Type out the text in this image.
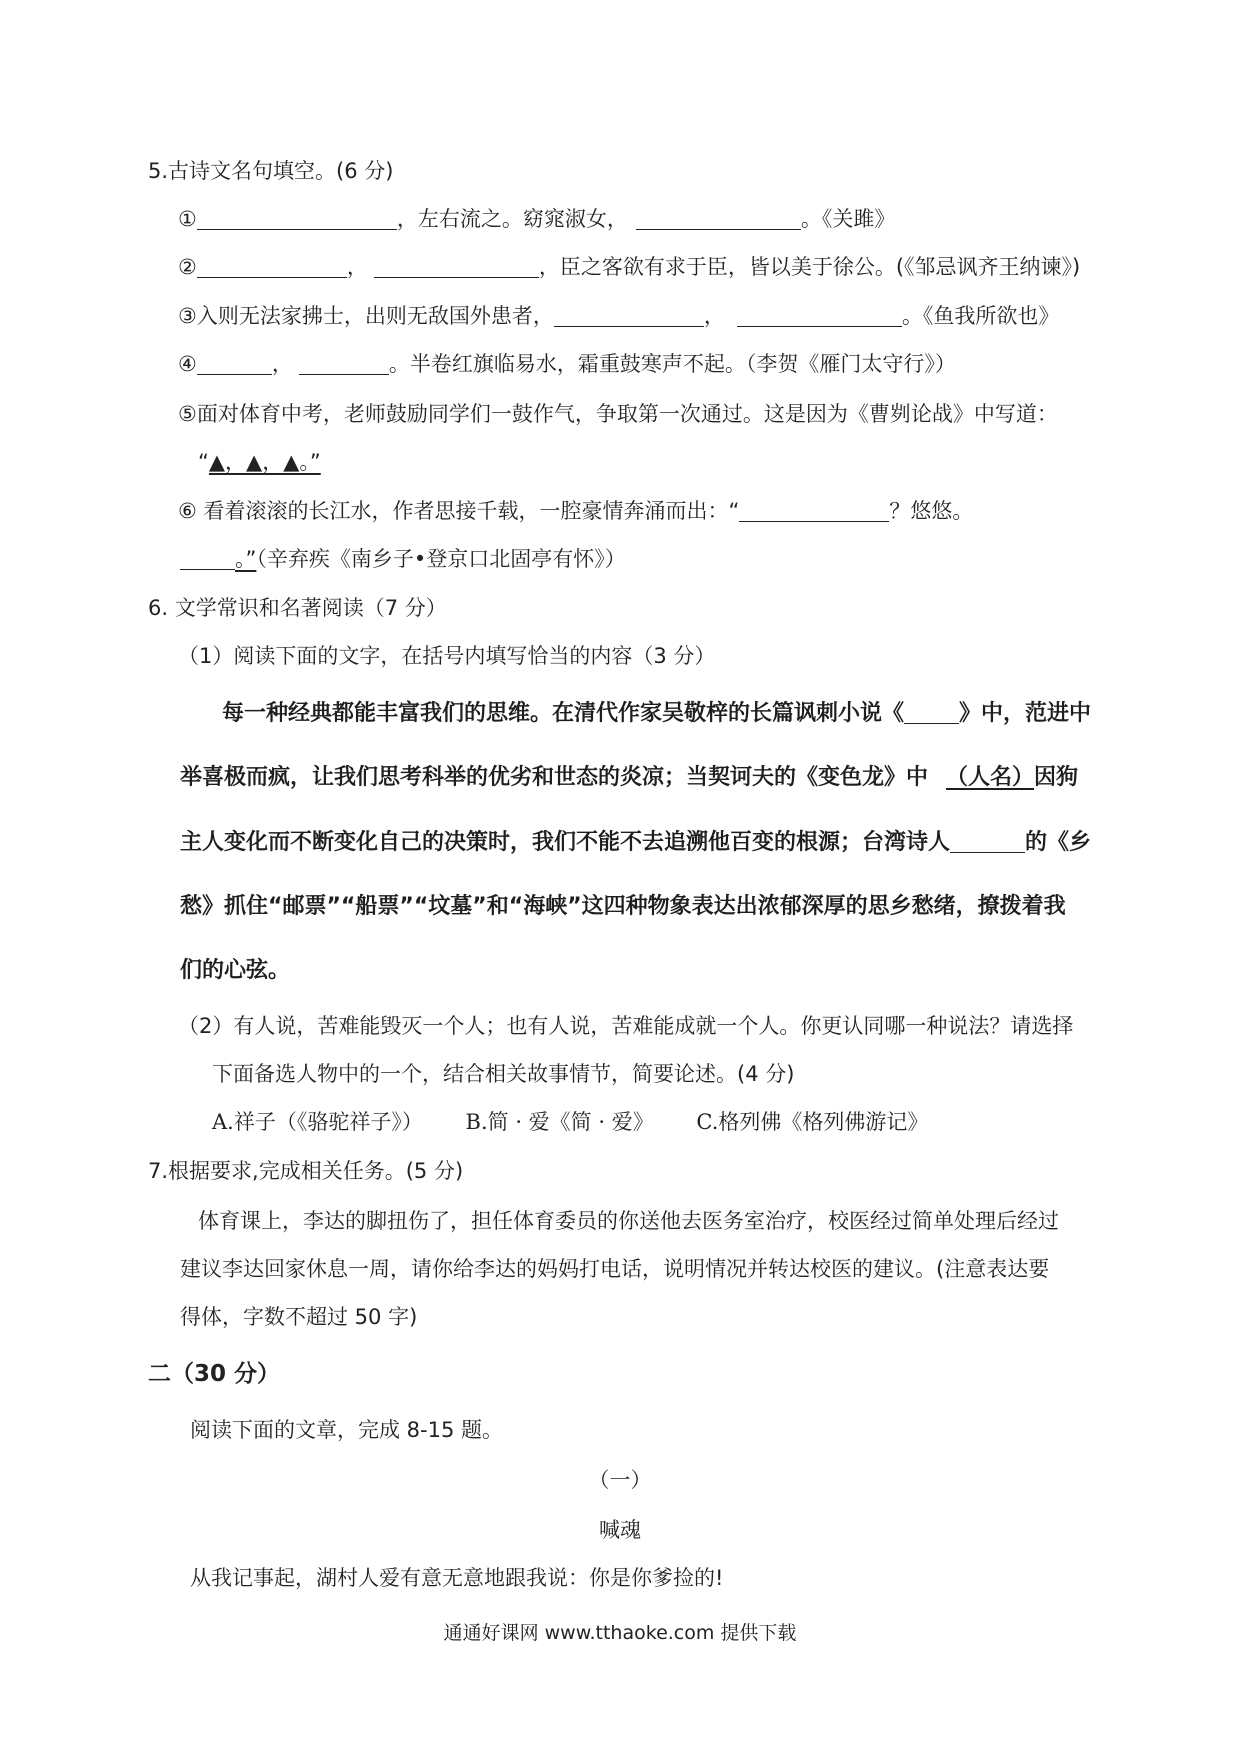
5.古诗文名句填空。(6 分)
①	，左右流之。窈窕淑女，	。《关雎》
②	，	，臣之客欲有求于臣，皆以美于徐公。(《邹忌讽齐王纳谏》)
③入则无法家拂士，出则无敌国外患者，	，	。《鱼我所欲也》
④	，	。半卷红旗临易水，霜重鼓寒声不起。（李贺《雁门太守行》）
⑤面对体育中考，老师鼓励同学们一鼓作气，争取第一次通过。这是因为《曹刿论战》中写道：
“▲，▲，▲。”
⑥ 看着滚滚的长江水，作者思接千载，一腔豪情奔涌而出：“	？悠悠。
。”（辛弃疾《南乡子•登京口北固亭有怀》）
6. 文学常识和名著阅读（7 分）
（1）阅读下面的文字，在括号内填写恰当的内容（3 分）
每一种经典都能丰富我们的思维。在清代作家吴敬梓的长篇讽刺小说《	》中，范进中
举喜极而疯，让我们思考科举的优劣和世态的炎凉；当契诃夫的《变色龙》中 （人名）因狗
主人变化而不断变化自己的决策时，我们不能不去追溯他百变的根源；台湾诗人	的《乡
愁》抓住“邮票”“船票”“坟墓”和“海峡”这四种物象表达出浓郁深厚的思乡愁绪，撩拨着我
们的心弦。
（2）有人说，苦难能毁灭一个人；也有人说，苦难能成就一个人。你更认同哪一种说法？请选择
下面备选人物中的一个，结合相关故事情节，简要论述。(4 分)
A.祥子（《骆驼祥子》） B.简 · 爱《简 · 爱》 C.格列佛《格列佛游记》
7.根据要求,完成相关任务。(5 分)
体育课上，李达的脚扭伤了，担任体育委员的你送他去医务室治疗，校医经过简单处理后经过
建议李达回家休息一周，请你给李达的妈妈打电话，说明情况并转达校医的建议。(注意表达要
得体，字数不超过 50 字)
二（30 分）
阅读下面的文章，完成 8-15 题。
（一）
喊魂
从我记事起，湖村人爱有意无意地跟我说：你是你爹捡的!
通通好课网 www.tthaoke.com 提供下载
